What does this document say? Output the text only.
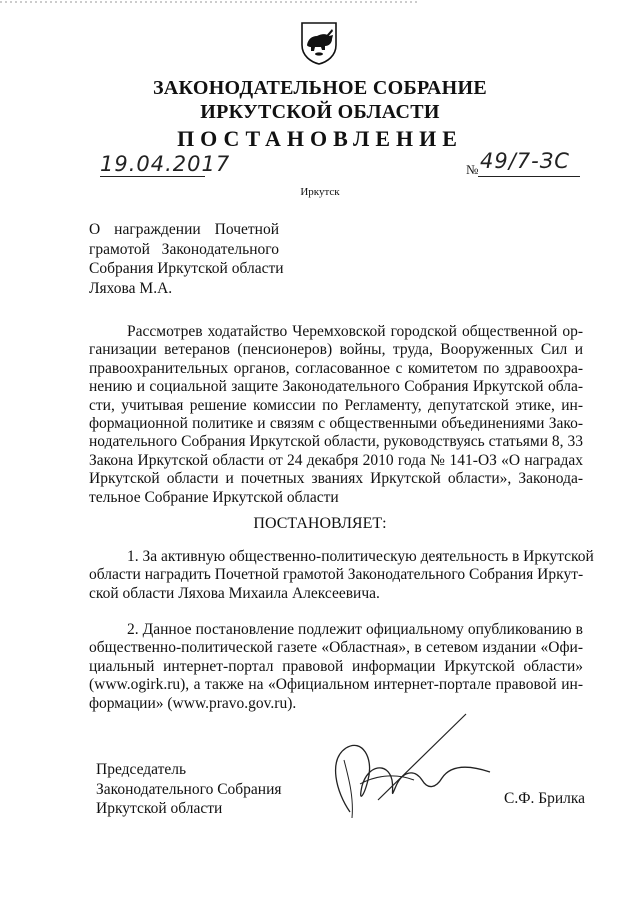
ЗАКОНОДАТЕЛЬНОЕ СОБРАНИЕ
ИРКУТСКОЙ ОБЛАСТИ
ПОСТАНОВЛЕНИЕ
19.04.2017	№ 49/7-ЗС
Иркутск
О награждении Почетной
грамотой Законодательного
Собрания Иркутской области
Ляхова М.А.
Рассмотрев ходатайство Черемховской городской общественной ор-
ганизации ветеранов (пенсионеров) войны, труда, Вооруженных Сил и
правоохранительных органов, согласованное с комитетом по здравоохра-
нению и социальной защите Законодательного Собрания Иркутской обла-
сти, учитывая решение комиссии по Регламенту, депутатской этике, ин-
формационной политике и связям с общественными объединениями Зако-
нодательного Собрания Иркутской области, руководствуясь статьями 8, 33
Закона Иркутской области от 24 декабря 2010 года № 141-ОЗ «О наградах
Иркутской области и почетных званиях Иркутской области», Законода-
тельное Собрание Иркутской области
ПОСТАНОВЛЯЕТ:
1. За активную общественно-политическую деятельность в Иркутской
области наградить Почетной грамотой Законодательного Собрания Иркут-
ской области Ляхова Михаила Алексеевича.
2. Данное постановление подлежит официальному опубликованию в
общественно-политической газете «Областная», в сетевом издании «Офи-
циальный интернет-портал правовой информации Иркутской области»
(www.ogirk.ru), а также на «Официальном интернет-портале правовой ин-
формации» (www.pravo.gov.ru).
Председатель
Законодательного Собрания
Иркутской области
С.Ф. Брилка
